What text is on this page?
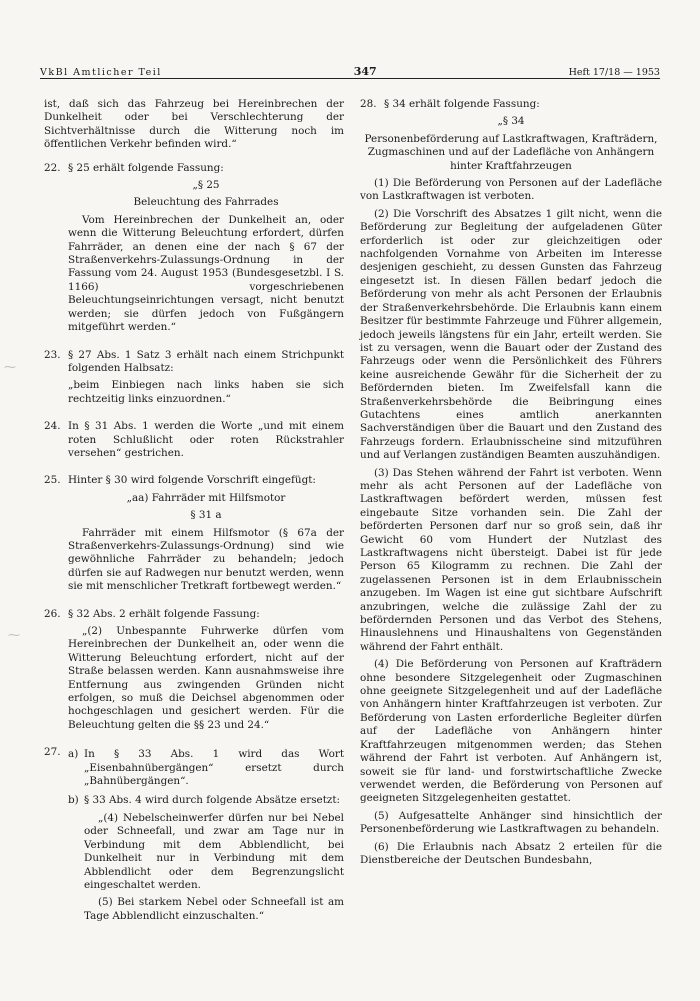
VkBl Amtlicher Teil	347	Heft 17/18 — 1953
⁓
⁓

ist, daß sich das Fahrzeug bei Hereinbrechen der Dunkelheit oder bei Verschlechterung der Sichtverhältnisse durch die Witterung noch im öffentlichen Verkehr befinden wird.“

22. § 25 erhält folgende Fassung:

„§ 25

Beleuchtung des Fahrrades

Vom Hereinbrechen der Dunkelheit an, oder wenn die Witterung Beleuchtung erfordert, dürfen Fahrräder, an denen eine der nach § 67 der Straßenverkehrs-Zulassungs-Ordnung in der Fassung vom 24. August 1953 (Bundesgesetzbl. I S. 1166) vorgeschriebenen Beleuchtungseinrichtungen versagt, nicht benutzt werden; sie dürfen jedoch von Fußgängern mitgeführt werden.“

23. § 27 Abs. 1 Satz 3 erhält nach einem Strichpunkt folgenden Halbsatz:

„beim Einbiegen nach links haben sie sich rechtzeitig links einzuordnen.“

24. In § 31 Abs. 1 werden die Worte „und mit einem roten Schlußlicht oder roten Rückstrahler versehen“ gestrichen.

25. Hinter § 30 wird folgende Vorschrift eingefügt:

„aa) Fahrräder mit Hilfsmotor

§ 31 a

Fahrräder mit einem Hilfsmotor (§ 67a der Straßenverkehrs-Zulassungs-Ordnung) sind wie gewöhnliche Fahrräder zu behandeln; jedoch dürfen sie auf Radwegen nur benutzt werden, wenn sie mit menschlicher Tretkraft fortbewegt werden.“

26. § 32 Abs. 2 erhält folgende Fassung:

„(2) Unbespannte Fuhrwerke dürfen vom Hereinbrechen der Dunkelheit an, oder wenn die Witterung Beleuchtung erfordert, nicht auf der Straße belassen werden. Kann ausnahmsweise ihre Entfernung aus zwingenden Gründen nicht erfolgen, so muß die Deichsel abgenommen oder hochgeschlagen und gesichert werden. Für die Beleuchtung gelten die §§ 23 und 24.“

27. a) In § 33 Abs. 1 wird das Wort „Eisenbahnübergängen“ ersetzt durch „Bahnübergängen“.

b) § 33 Abs. 4 wird durch folgende Absätze ersetzt:

„(4) Nebelscheinwerfer dürfen nur bei Nebel oder Schneefall, und zwar am Tage nur in Verbindung mit dem Abblendlicht, bei Dunkelheit nur in Verbindung mit dem Abblendlicht oder dem Begrenzungslicht eingeschaltet werden.

(5) Bei starkem Nebel oder Schneefall ist am Tage Abblendlicht einzuschalten.“

28. § 34 erhält folgende Fassung:

„§ 34

Personenbeförderung auf Lastkraftwagen, Krafträdern, Zugmaschinen und auf der Ladefläche von Anhängern hinter Kraftfahrzeugen

(1) Die Beförderung von Personen auf der Ladefläche von Lastkraftwagen ist verboten.

(2) Die Vorschrift des Absatzes 1 gilt nicht, wenn die Beförderung zur Begleitung der aufgeladenen Güter erforderlich ist oder zur gleichzeitigen oder nachfolgenden Vornahme von Arbeiten im Interesse desjenigen geschieht, zu dessen Gunsten das Fahrzeug eingesetzt ist. In diesen Fällen bedarf jedoch die Beförderung von mehr als acht Personen der Erlaubnis der Straßenverkehrsbehörde. Die Erlaubnis kann einem Besitzer für bestimmte Fahrzeuge und Führer allgemein, jedoch jeweils längstens für ein Jahr, erteilt werden. Sie ist zu versagen, wenn die Bauart oder der Zustand des Fahrzeugs oder wenn die Persönlichkeit des Führers keine ausreichende Gewähr für die Sicherheit der zu Befördernden bieten. Im Zweifelsfall kann die Straßenverkehrsbehörde die Beibringung eines Gutachtens eines amtlich anerkannten Sachverständigen über die Bauart und den Zustand des Fahrzeugs fordern. Erlaubnisscheine sind mitzuführen und auf Verlangen zuständigen Beamten auszuhändigen.

(3) Das Stehen während der Fahrt ist verboten. Wenn mehr als acht Personen auf der Ladefläche von Lastkraftwagen befördert werden, müssen fest eingebaute Sitze vorhanden sein. Die Zahl der beförderten Personen darf nur so groß sein, daß ihr Gewicht 60 vom Hundert der Nutzlast des Lastkraftwagens nicht übersteigt. Dabei ist für jede Person 65 Kilogramm zu rechnen. Die Zahl der zugelassenen Personen ist in dem Erlaubnisschein anzugeben. Im Wagen ist eine gut sichtbare Aufschrift anzubringen, welche die zulässige Zahl der zu befördernden Personen und das Verbot des Stehens, Hinauslehnens und Hinaushaltens von Gegenständen während der Fahrt enthält.

(4) Die Beförderung von Personen auf Krafträdern ohne besondere Sitzgelegenheit oder Zugmaschinen ohne geeignete Sitzgelegenheit und auf der Ladefläche von Anhängern hinter Kraftfahrzeugen ist verboten. Zur Beförderung von Lasten erforderliche Begleiter dürfen auf der Ladefläche von Anhängern hinter Kraftfahrzeugen mitgenommen werden; das Stehen während der Fahrt ist verboten. Auf Anhängern ist, soweit sie für land- und forstwirtschaftliche Zwecke verwendet werden, die Beförderung von Personen auf geeigneten Sitzgelegenheiten gestattet.

(5) Aufgesattelte Anhänger sind hinsichtlich der Personenbeförderung wie Lastkraftwagen zu behandeln.

(6) Die Erlaubnis nach Absatz 2 erteilen für die Dienstbereiche der Deutschen Bundesbahn,
